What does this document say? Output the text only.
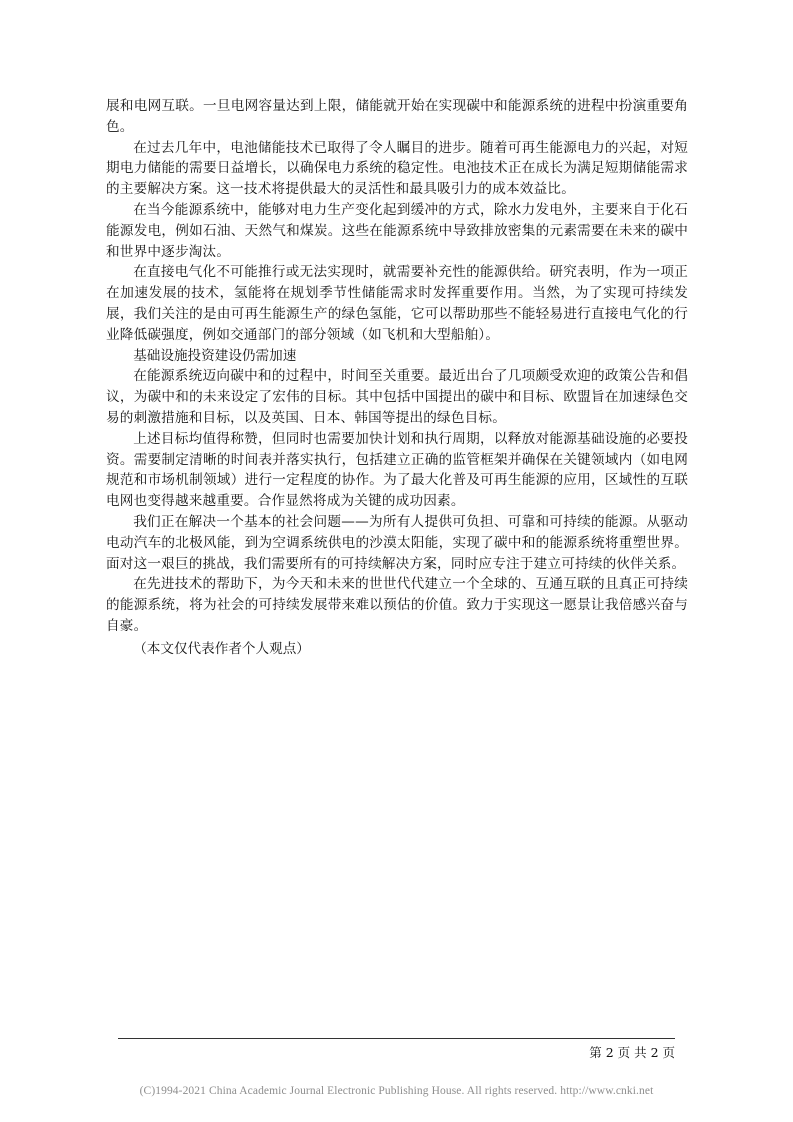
展和电网互联。一旦电网容量达到上限，储能就开始在实现碳中和能源系统的进程中扮演重要角色。

在过去几年中，电池储能技术已取得了令人瞩目的进步。随着可再生能源电力的兴起，对短期电力储能的需要日益增长，以确保电力系统的稳定性。电池技术正在成长为满足短期储能需求的主要解决方案。这一技术将提供最大的灵活性和最具吸引力的成本效益比。

在当今能源系统中，能够对电力生产变化起到缓冲的方式，除水力发电外，主要来自于化石能源发电，例如石油、天然气和煤炭。这些在能源系统中导致排放密集的元素需要在未来的碳中和世界中逐步淘汰。

在直接电气化不可能推行或无法实现时，就需要补充性的能源供给。研究表明，作为一项正在加速发展的技术，氢能将在规划季节性储能需求时发挥重要作用。当然，为了实现可持续发展，我们关注的是由可再生能源生产的绿色氢能，它可以帮助那些不能轻易进行直接电气化的行业降低碳强度，例如交通部门的部分领域（如飞机和大型船舶）。

基础设施投资建设仍需加速

在能源系统迈向碳中和的过程中，时间至关重要。最近出台了几项颇受欢迎的政策公告和倡议，为碳中和的未来设定了宏伟的目标。其中包括中国提出的碳中和目标、欧盟旨在加速绿色交易的刺激措施和目标，以及英国、日本、韩国等提出的绿色目标。

上述目标均值得称赞，但同时也需要加快计划和执行周期，以释放对能源基础设施的必要投资。需要制定清晰的时间表并落实执行，包括建立正确的监管框架并确保在关键领域内（如电网规范和市场机制领域）进行一定程度的协作。为了最大化普及可再生能源的应用，区域性的互联电网也变得越来越重要。合作显然将成为关键的成功因素。

我们正在解决一个基本的社会问题——为所有人提供可负担、可靠和可持续的能源。从驱动电动汽车的北极风能，到为空调系统供电的沙漠太阳能，实现了碳中和的能源系统将重塑世界。面对这一艰巨的挑战，我们需要所有的可持续解决方案，同时应专注于建立可持续的伙伴关系。

在先进技术的帮助下，为今天和未来的世世代代建立一个全球的、互通互联的且真正可持续的能源系统，将为社会的可持续发展带来难以预估的价值。致力于实现这一愿景让我倍感兴奋与自豪。

（本文仅代表作者个人观点）

第 2 页 共 2 页
(C)1994-2021 China Academic Journal Electronic Publishing House. All rights reserved. http://www.cnki.net
